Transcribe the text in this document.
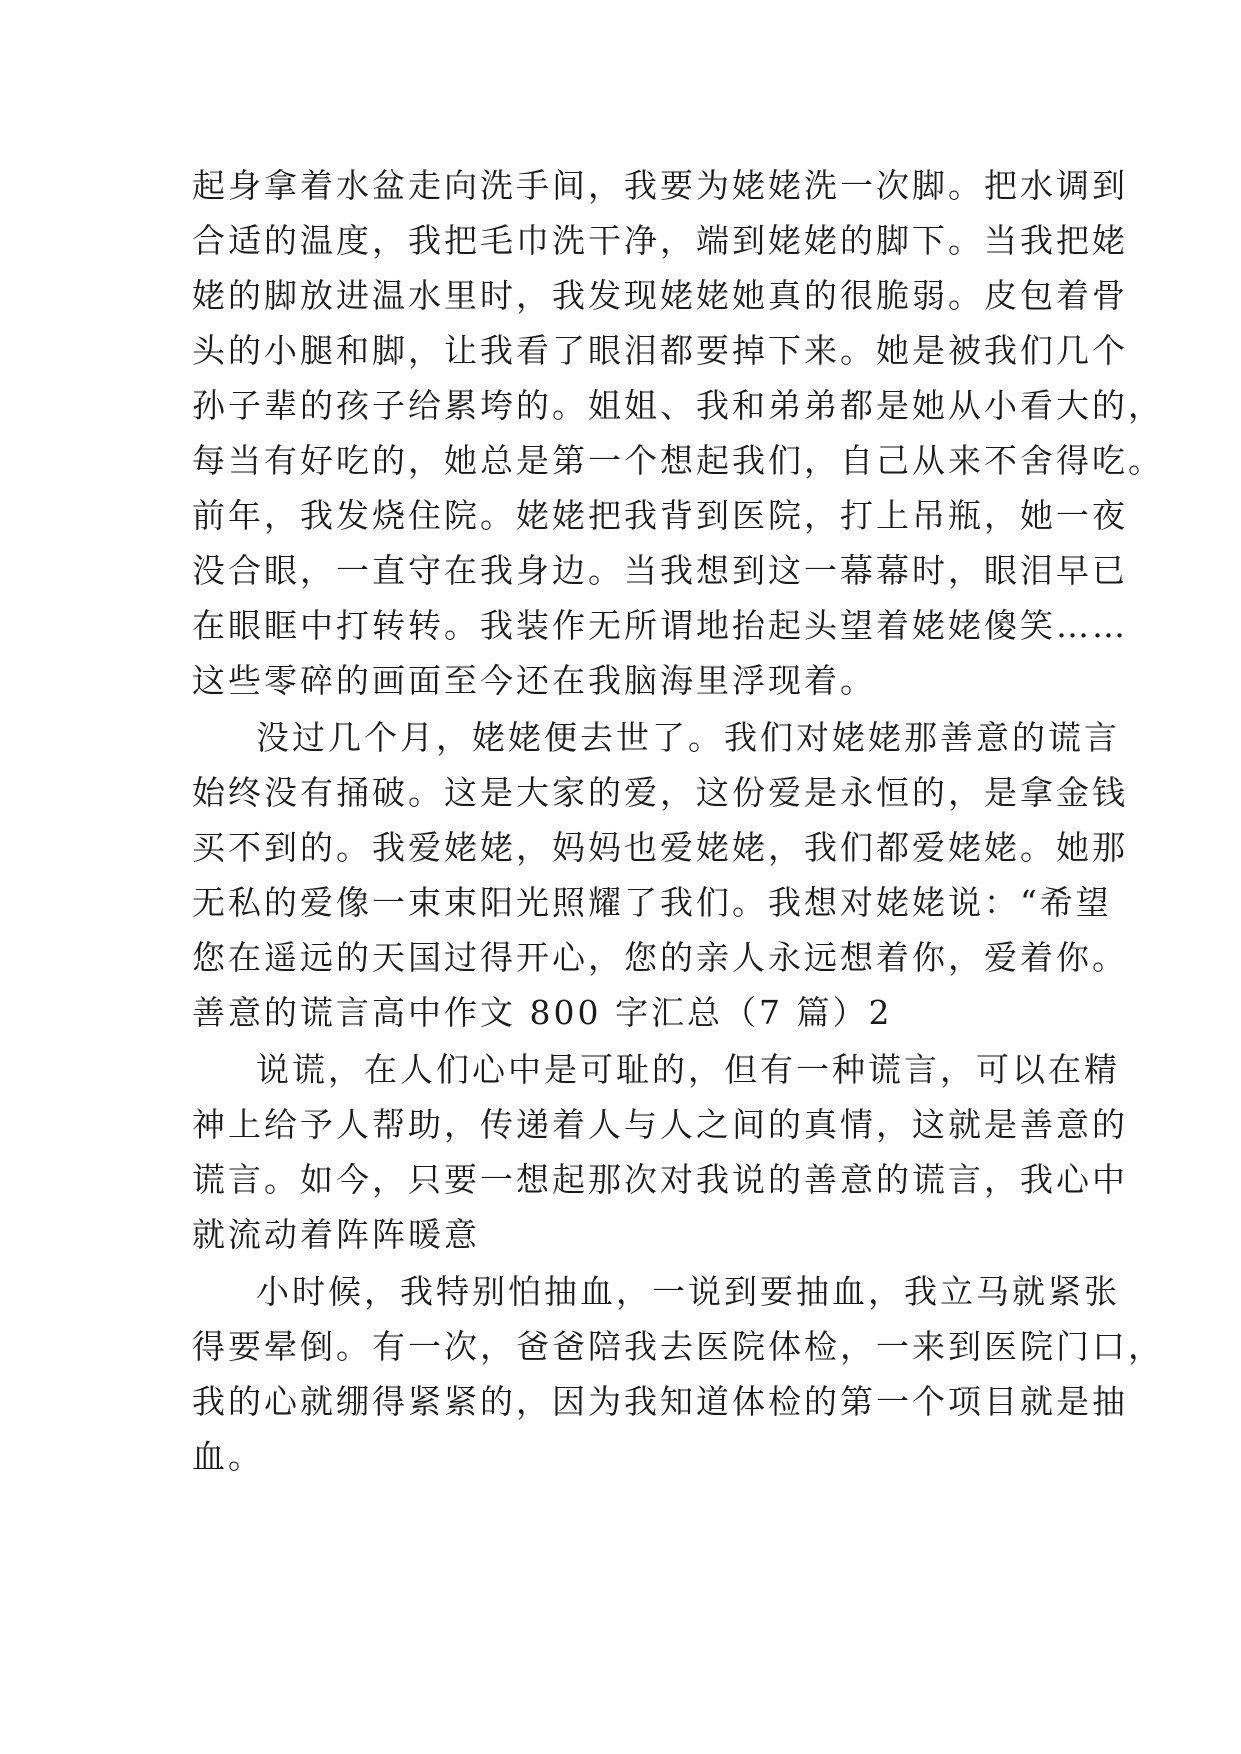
起身拿着水盆走向洗手间，我要为姥姥洗一次脚。把水调到
合适的温度，我把毛巾洗干净，端到姥姥的脚下。当我把姥
姥的脚放进温水里时，我发现姥姥她真的很脆弱。皮包着骨
头的小腿和脚，让我看了眼泪都要掉下来。她是被我们几个
孙子辈的孩子给累垮的。姐姐、我和弟弟都是她从小看大的，
每当有好吃的，她总是第一个想起我们，自己从来不舍得吃。
前年，我发烧住院。姥姥把我背到医院，打上吊瓶，她一夜
没合眼，一直守在我身边。当我想到这一幕幕时，眼泪早已
在眼眶中打转转。我装作无所谓地抬起头望着姥姥傻笑……
这些零碎的画面至今还在我脑海里浮现着。
没过几个月，姥姥便去世了。我们对姥姥那善意的谎言
始终没有捅破。这是大家的爱，这份爱是永恒的，是拿金钱
买不到的。我爱姥姥，妈妈也爱姥姥，我们都爱姥姥。她那
无私的爱像一束束阳光照耀了我们。我想对姥姥说：“希望
您在遥远的天国过得开心，您的亲人永远想着你，爱着你。
善意的谎言高中作文 800 字汇总（7 篇）2
说谎，在人们心中是可耻的，但有一种谎言，可以在精
神上给予人帮助，传递着人与人之间的真情，这就是善意的
谎言。如今，只要一想起那次对我说的善意的谎言，我心中
就流动着阵阵暖意
小时候，我特别怕抽血，一说到要抽血，我立马就紧张
得要晕倒。有一次，爸爸陪我去医院体检，一来到医院门口，
我的心就绷得紧紧的，因为我知道体检的第一个项目就是抽
血。
